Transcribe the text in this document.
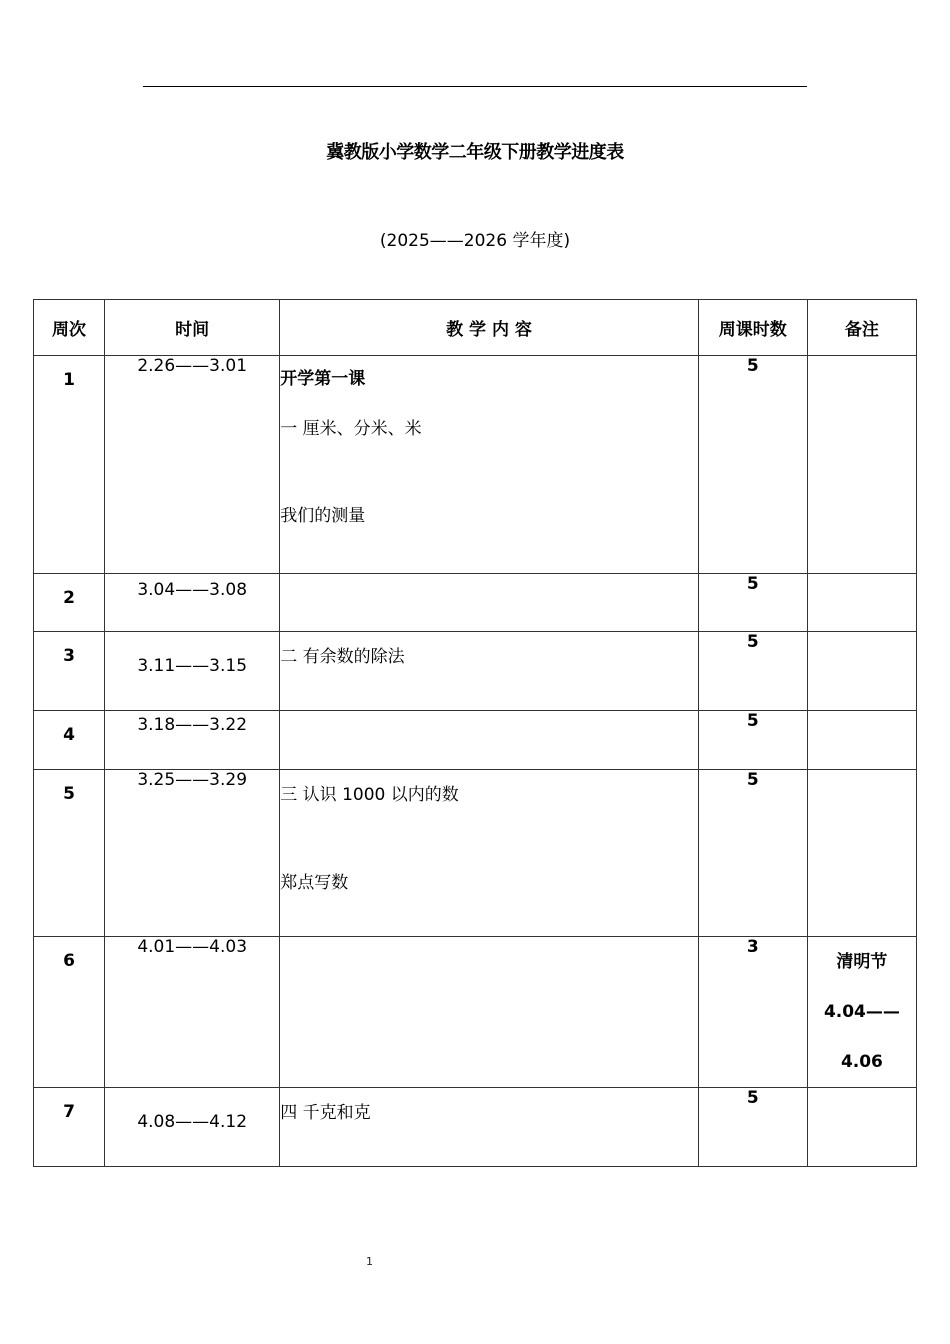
冀教版小学数学二年级下册教学进度表
(2025——2026 学年度)
周次	时间	教 学 内 容	周课时数	备注

1	2.26——3.01	开学第一课
一 厘米、分米、米
我们的测量	5	

2	3.04——3.08		5	

3	3.11——3.15	二 有余数的除法	5	

4	3.18——3.22		5	

5	3.25——3.29	三 认识 1000 以内的数
郑点写数	5	

6	4.01——4.03		3	清明节
4.04——
4.06

7	4.08——4.12	四 千克和克	5	
1
